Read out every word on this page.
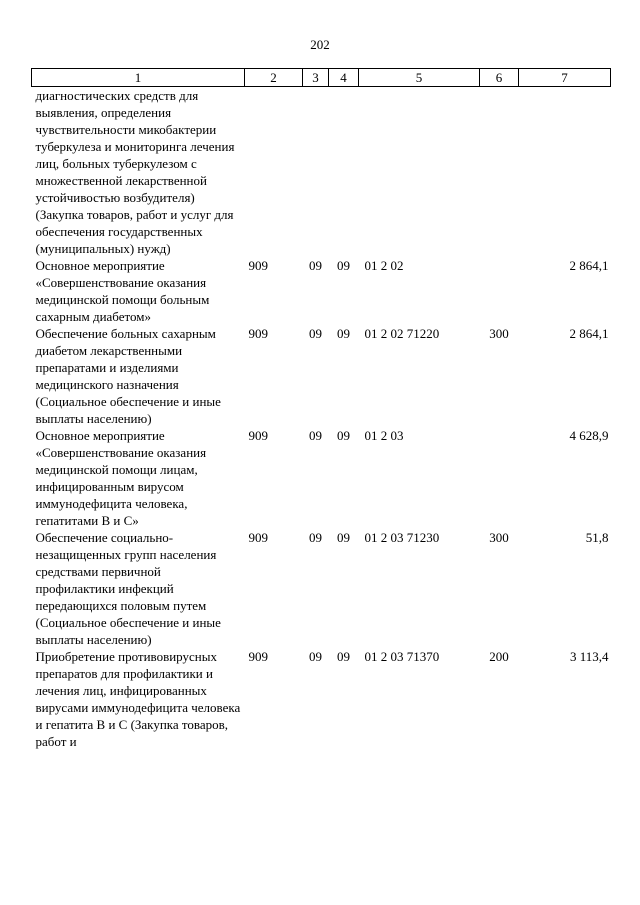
202
1	2	3	4	5	6	7
диагностических средств для выявления, определения чувствительности микобактерии туберкулеза и мониторинга лечения лиц, больных туберкулезом с множественной лекарственной устойчивостью возбудителя) (Закупка товаров, работ и услуг для обеспечения государственных (муниципальных) нужд)						
Основное мероприятие «Совершенствование оказания медицинской помощи больным сахарным диабетом»	909	09	09	01 2 02		2 864,1
Обеспечение больных сахарным диабетом лекарственными препаратами и изделиями медицинского назначения (Социальное обеспечение и иные выплаты населению)	909	09	09	01 2 02 71220	300	2 864,1
Основное мероприятие «Совершенствование оказания медицинской помощи лицам, инфицированным вирусом иммунодефицита человека, гепатитами В и С»	909	09	09	01 2 03		4 628,9
Обеспечение социально-незащищенных групп населения средствами первичной профилактики инфекций передающихся половым путем (Социальное обеспечение и иные выплаты населению)	909	09	09	01 2 03 71230	300	51,8
Приобретение противовирусных препаратов для профилактики и лечения лиц, инфицированных вирусами иммунодефицита человека и гепатита В и С (Закупка товаров, работ и	909	09	09	01 2 03 71370	200	3 113,4
